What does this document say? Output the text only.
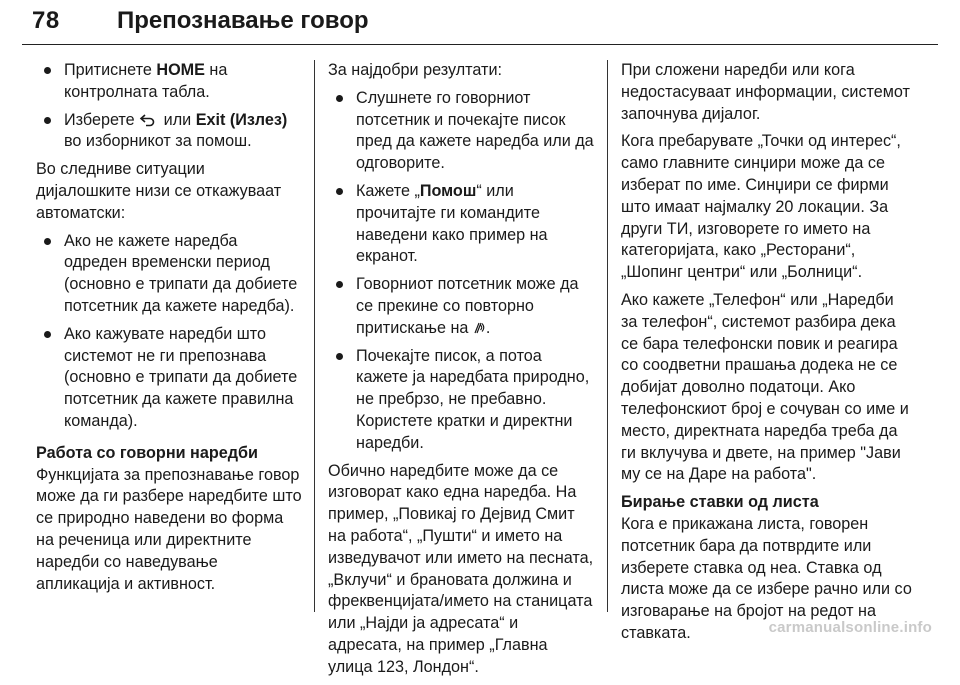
78 Препознавање говор
Притиснете HOME на контролната табла.
Изберете  или Exit (Излез) во изборникот за помош.

Во следниве ситуации дијалошките низи се откажуваат автоматски:

Ако не кажете наредба одреден временски период (основно е трипати да добиете потсетник да кажете наредба).
Ако кажувате наредби што системот не ги препознава (основно е трипати да добиете потсетник да кажете правилна команда).

Работа со говорни наредби

Функцијата за препознавање говор може да ги разбере наредбите што се природно наведени во форма на реченица или директните наредби со наведување апликација и активност.

За најдобри резултати:

Слушнете го говорниот потсетник и почекајте писок пред да кажете наредба или да одговорите.
Кажете „Помош“ или прочитајте ги командите наведени како пример на екранот.
Говорниот потсетник може да се прекине со повторно притискање на .
Почекајте писок, а потоа кажете ја наредбата природно, не пребрзо, не пребавно. Користете кратки и директни наредби.

Обично наредбите може да се изговорат како една наредба. На пример, „Повикај го Дејвид Смит на работа“, „Пушти“ и името на изведувачот или името на песната, „Вклучи“ и брановата должина и фреквенцијата/името на станицата или „Најди ја адресата“ и адресата, на пример „Главна улица 123, Лондон“.

При сложени наредби или кога недостасуваат информации, системот започнува дијалог.

Кога пребарувате „Точки од интерес“, само главните синџири може да се изберат по име. Синџири се фирми што имаат најмалку 20 локации. За други ТИ, изговорете го името на категоријата, како „Ресторани“, „Шопинг центри“ или „Болници“.

Ако кажете „Телефон“ или „Наредби за телефон“, системот разбира дека се бара телефонски повик и реагира со соодветни прашања додека не се добијат доволно податоци. Ако телефонскиот број е сочуван со име и место, директната наредба треба да ги вклучува и двете, на пример "Јави му се на Даре на работа".

Бирање ставки од листа

Кога е прикажана листа, говорен потсетник бара да потврдите или изберете ставка од неа. Ставка од листа може да се избере рачно или со изговарање на бројот на редот на ставката.	carmanualsonline.info
